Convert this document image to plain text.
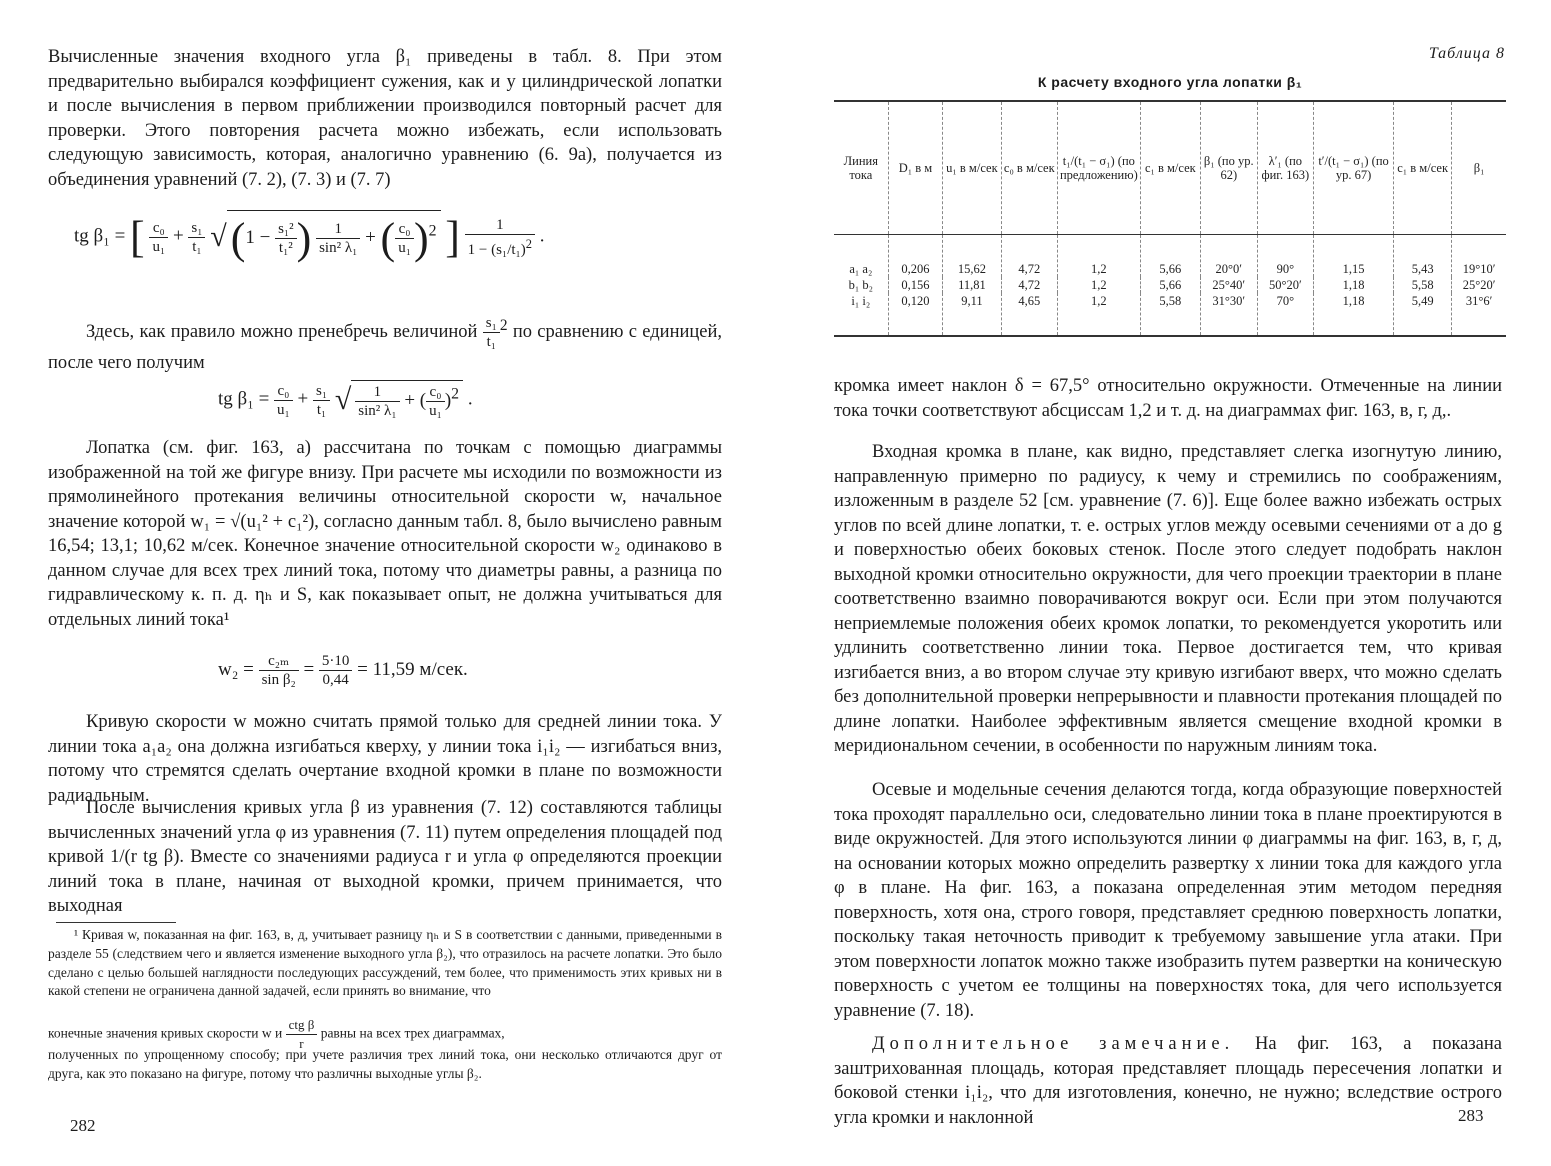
Вычисленные значения входного угла β₁ приведены в табл. 8. При этом предварительно выбирался коэффициент сужения, как и у цилиндрической лопатки и после вычисления в первом приближении производился повторный расчет для проверки. Этого повторения расчета можно избежать, если использовать следующую зависимость, которая, аналогично уравнению (6. 9а), получается из объединения уравнений (7. 2), (7. 3) и (7. 7)

tg β₁ = [ $\frac{\text{c₀}}{\text{u₁}} + \frac{\text{s₁}}{\text{t₁}} √(1 - \frac{\text{s₁²}}{\text{t₁²}}$ ) $\frac{1}{\text{sin² λ₁}}$ + ( $\frac{\text{c₀}}{\text{u₁}} )^2$ ] $\frac{1}{1 - (s_1/t_1)^2}$ .

Здесь, как правило можно пренебречь величиной $\frac{\text{s₁}}{\text{t₁}} ^2$ по сравнению с единицей, после чего получим

tg $\beta_1 = \frac{\text{c₀}}{\text{u₁}} + \frac{\text{s₁}}{\text{t₁}}$ √ $\frac{1}{\text{sin² λ₁}}$ + ( $\frac{\text{c₀}}{\text{u₁}} )^2$ .

Лопатка (см. фиг. 163, а) рассчитана по точкам с помощью диаграммы изображенной на той же фигуре внизу. При расчете мы исходили по возможности из прямолинейного протекания величины относительной скорости w, начальное значение которой w₁ = √(u₁² + c₁²), согласно данным табл. 8, было вычислено равным 16,54; 13,1; 10,62 м/сек. Конечное значение относительной скорости w₂ одинаково в данном случае для всех трех линий тока, потому что диаметры равны, а разница по гидравлическому к. п. д. ηₕ и S, как показывает опыт, не должна учитываться для отдельных линий тока¹

$w_2 = \frac{\text{c₂ₘ}}{\text{sin β₂}} = \frac{5\cdot 10}{0,44} = 11,59$ м/сек.

Кривую скорости w можно считать прямой только для средней линии тока. У линии тока a₁a₂ она должна изгибаться кверху, у линии тока i₁i₂ — изгибаться вниз, потому что стремятся сделать очертание входной кромки в плане по возможности радиальным.

После вычисления кривых угла β из уравнения (7. 12) составляются таблицы вычисленных значений угла φ из уравнения (7. 11) путем определения площадей под кривой 1/(r tg β). Вместе со значениями радиуса r и угла φ определяются проекции линий тока в плане, начиная от выходной кромки, причем принимается, что выходная

¹ Кривая w, показанная на фиг. 163, в, д, учитывает разницу ηₕ и S в соответствии с данными, приведенными в разделе 55 (следствием чего и является изменение выходного угла β₂), что отразилось на расчете лопатки. Это было сделано с целью большей наглядности последующих рассуждений, тем более, что применимость этих кривых ни в какой степени не ограничена данной задачей, если принять во внимание, что

конечные значения кривых скорости w и $\frac{\text{ctg β}}{r}$ равны на всех трех диаграммах,

полученных по упрощенному способу; при учете различия трех линий тока, они несколько отличаются друг от друга, как это показано на фигуре, потому что различны выходные углы β₂.

282
Таблица 8
К расчету входного угла лопатки β₁
Линия тока	D₁ в м	u₁ в м/сек	c₀ в м/сек	t₁/(t₁ − σ₁) (по предложению)	c₁ в м/сек	β₁ (по ур. 62)	λ′₁ (по фиг. 163)	t′/(t₁ − σ₁) (по ур. 67)	c₁ в м/сек	β₁
a₁ a₂	0,206	15,62	4,72	1,2	5,66	20°0′	90°	1,15	5,43	19°10′
b₁ b₂	0,156	11,81	4,72	1,2	5,66	25°40′	50°20′	1,18	5,58	25°20′
i₁ i₂	0,120	9,11	4,65	1,2	5,58	31°30′	70°	1,18	5,49	31°6′

кромка имеет наклон δ = 67,5° относительно окружности. Отмеченные на линии тока точки соответствуют абсциссам 1,2 и т. д. на диаграммах фиг. 163, в, г, д,.

Входная кромка в плане, как видно, представляет слегка изогнутую линию, направленную примерно по радиусу, к чему и стремились по соображениям, изложенным в разделе 52 [см. уравнение (7. 6)]. Еще более важно избежать острых углов по всей длине лопатки, т. е. острых углов между осевыми сечениями от a до g и поверхностью обеих боковых стенок. После этого следует подобрать наклон выходной кромки относительно окружности, для чего проекции траектории в плане соответственно взаимно поворачиваются вокруг оси. Если при этом получаются неприемлемые положения обеих кромок лопатки, то рекомендуется укоротить или удлинить соответственно линии тока. Первое достигается тем, что кривая изгибается вниз, а во втором случае эту кривую изгибают вверх, что можно сделать без дополнительной проверки непрерывности и плавности протекания площадей по длине лопатки. Наиболее эффективным является смещение входной кромки в меридиональном сечении, в особенности по наружным линиям тока.

Осевые и модельные сечения делаются тогда, когда образующие поверхностей тока проходят параллельно оси, следовательно линии тока в плане проектируются в виде окружностей. Для этого используются линии φ диаграммы на фиг. 163, в, г, д, на основании которых можно определить развертку x линии тока для каждого угла φ в плане. На фиг. 163, а показана определенная этим методом передняя поверхность, хотя она, строго говоря, представляет среднюю поверхность лопатки, поскольку такая неточность приводит к требуемому завышение угла атаки. При этом поверхности лопаток можно также изобразить путем развертки на коническую поверхность с учетом ее толщины на поверхностях тока, для чего используется уравнение (7. 18).

Дополнительное замечание. На фиг. 163, а показана заштрихованная площадь, которая представляет площадь пересечения лопатки и боковой стенки i₁i₂, что для изготовления, конечно, не нужно; вследствие острого угла кромки и наклонной	283
